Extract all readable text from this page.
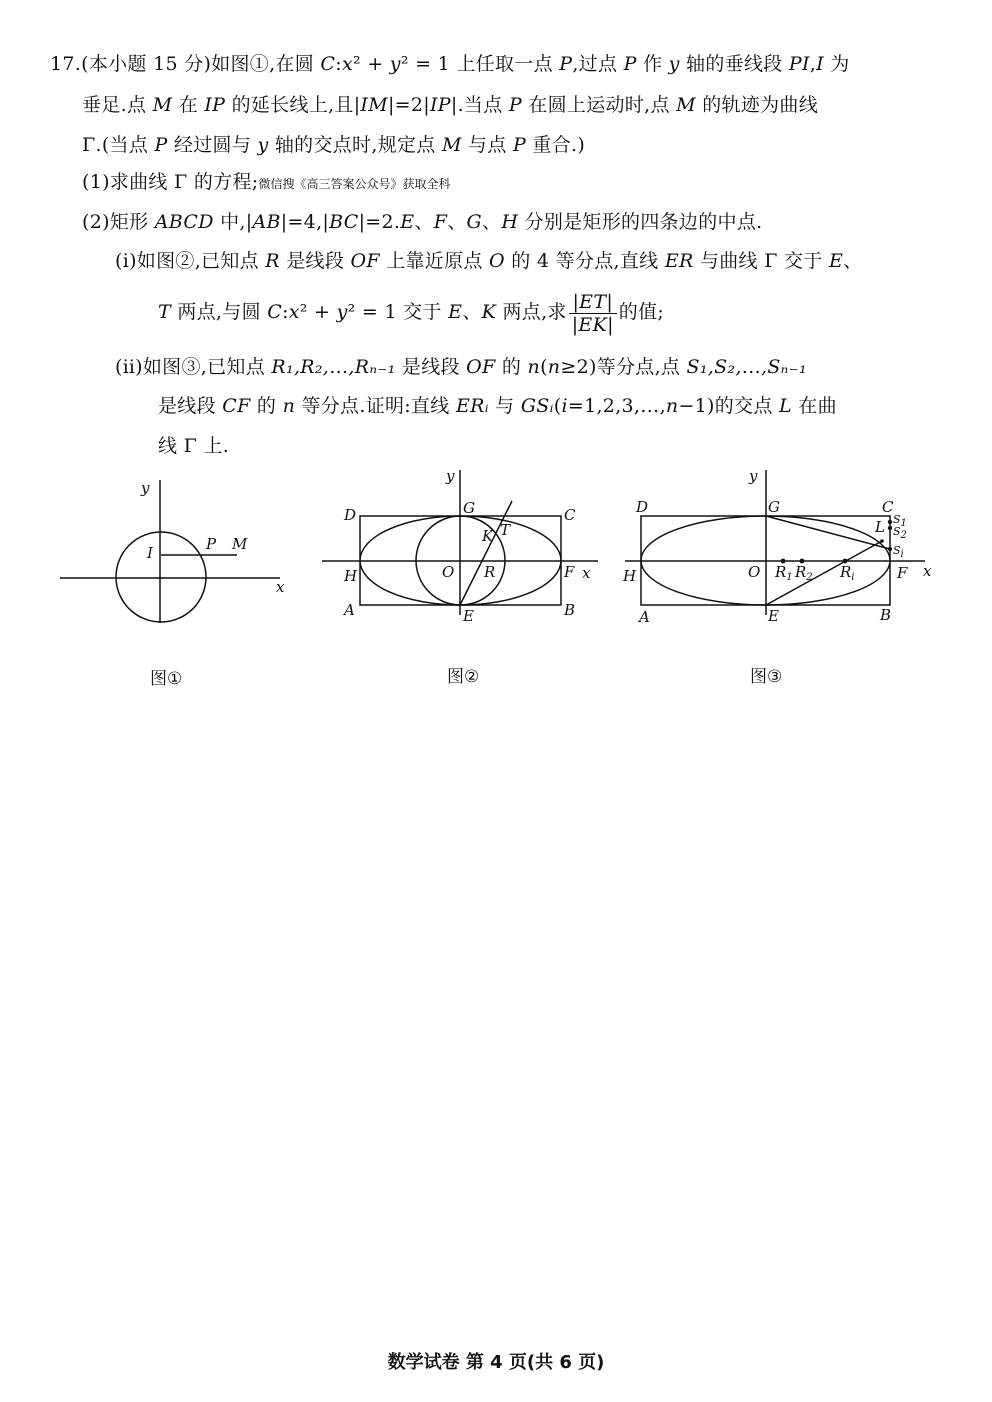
17.(本小题 15 分)如图①,在圆 C:x² + y² = 1 上任取一点 P,过点 P 作 y 轴的垂线段 PI,I 为
垂足.点 M 在 IP 的延长线上,且|IM|=2|IP|.当点 P 在圆上运动时,点 M 的轨迹为曲线
Γ.(当点 P 经过圆与 y 轴的交点时,规定点 M 与点 P 重合.)
(1)求曲线 Γ 的方程;微信搜《高三答案公众号》获取全科
(2)矩形 ABCD 中,|AB|=4,|BC|=2.E、F、G、H 分别是矩形的四条边的中点.
(ⅰ)如图②,已知点 R 是线段 OF 上靠近原点 O 的 4 等分点,直线 ER 与曲线 Γ 交于 E、
T 两点,与圆 C:x² + y² = 1 交于 E、K 两点,求 $\frac{|ET|}{|EK|}$ 的值;
(ⅱ)如图③,已知点 R₁,R₂,…,Rₙ₋₁ 是线段 OF 的 n(n≥2)等分点,点 S₁,S₂,…,Sₙ₋₁
是线段 CF 的 n 等分点.证明:直线 ERᵢ 与 GSᵢ(i=1,2,3,…,n−1)的交点 L 在曲
线 Γ 上.
y
x
I	P M
图①
y
x
D	G	C
K T
H	O R	F
A	E	B
图②
y
x
D	G	C
L S1
S2
Si
H	O $R_1$ $R_2$ $R_i$	F
A	E	B
图③
数学试卷 第 4 页(共 6 页)
